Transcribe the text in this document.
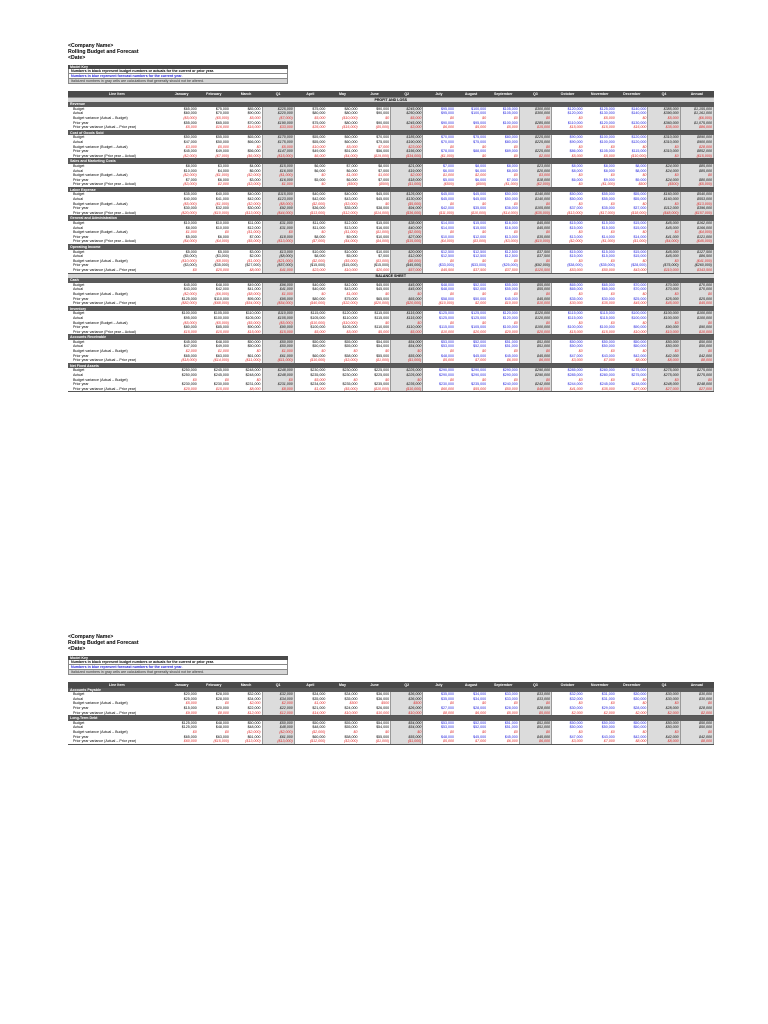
<Company Name>
Rolling Budget and Forecast
<Date>
Model Key
Numbers in black represent budget numbers or actuals for the current or prior year.
Numbers in blue represent forecast numbers for the current year.
Italicized numbers in gray cells are calculations that generally should not be altered.
Line Item	January	February	March	Q1	April	May	June	Q2	July	August	September	Q3	October	November	December	Q4	Annual
PROFIT AND LOSS																	
Revenue																	
Budget	$65,000	$75,000	$85,000	$225,000	$75,000	$80,000	$90,000	$245,000	$95,000	$100,000	$105,000	$300,000	$120,000	$125,000	$140,000	$385,000	$1,155,000
Actual	$60,000	$70,000	$90,000	$220,000	$80,000	$80,000	$90,000	$250,000	$95,000	$100,000	$105,000	$300,000	$120,000	$130,000	$140,000	$390,000	$1,161,000
Budget variance (Actual – Budget)	($5,000)	($5,000)	$5,000	($7,000)	$5,000	($10,000)	$0	$5,000	$0	$0	$0	$0	$0	$5,000	$0	$5,000	($6,000)
Prior year	$55,000	$65,000	$70,000	$190,000	$75,000	$80,000	$90,000	$245,000	$90,000	$95,000	$100,000	$285,000	$110,000	$120,000	$130,000	$360,000	$1,075,000
Prior year variance (Actual – Prior year)	$5,000	$16,000	$16,000	$33,000	$35,000	($15,000)	($5,000)	$3,000	$6,000	$5,000	$5,000	$15,000	$15,000	$15,000	$15,000	$35,000	$86,000
Cost of Goods Sold																	
Budget	$50,000	$55,000	$65,000	$170,000	$55,000	$60,000	$70,000	$185,000	$70,000	$75,000	$80,000	$225,000	$90,000	$100,000	$120,000	$310,000	$890,000
Actual	$47,000	$50,000	$66,000	$175,000	$55,000	$60,000	$75,000	$190,000	$70,000	$75,000	$80,000	$225,000	$90,000	$100,000	$120,000	$310,000	$900,000
Budget variance (Budget – Actual)	$3,000	$5,000	$0	$5,000	$10,000	$5,000	$7,000	$23,000	$0	$0	$0	$0	$0	$0	$0	$0	$28,000
Prior year	$45,000	$49,000	$56,000	$147,000	$49,000	$51,000	$56,000	$156,000	$78,000	$88,000	$89,000	$225,000	$86,000	$105,000	$115,000	$310,000	$852,000
Prior year variance (Prior year – Actual)	($2,000)	($7,000)	($6,000)	($15,000)	$6,000	($4,000)	($19,000)	($34,000)	($1,000)	$0	$0	$2,000	$5,000	$5,000	($10,000)	$0	($15,000)
Sales and Marketing Costs																	
Budget	$8,000	$3,000	$4,000	$15,000	$6,000	$7,000	$8,000	$21,000	$7,000	$8,000	$8,000	$23,000	$8,000	$8,000	$8,000	$24,000	$85,000
Actual	$10,000	$4,000	$6,000	$16,000	$6,000	$6,000	$7,000	$19,000	$6,000	$6,000	$8,000	$20,000	$8,000	$8,000	$8,000	$24,000	$85,000
Budget variance (Budget – Actual)	($2,000)	($1,000)	($2,000)	($1,000)	$0	$1,000	$1,000	$2,000	$1,000	$2,000	$0	$3,000	$0	$0	$0	$0	$0
Prior year	$7,000	$6,000	$3,000	$16,000	$5,000	$6,000	$7,000	$18,000	$5,000	$6,000	$7,000	$18,000	$6,000	$9,000	$9,000	$24,000	$80,000
Prior year variance (Prior year – Actual)	($3,000)	$2,000	($3,000)	$1,000	$0	($500)	($500)	($1,000)	($500)	($500)	($1,000)	($2,000)	$0	($1,000)	$500	($500)	($5,000)
Labor Expense																	
Budget	$35,000	$40,000	$40,000	$115,000	$40,000	$40,000	$45,000	$125,000	$45,000	$45,000	$50,000	$140,000	$50,000	$55,000	$55,000	$160,000	$540,000
Actual	$40,000	$41,000	$42,000	$123,000	$42,000	$43,000	$45,000	$130,000	$45,000	$45,000	$50,000	$140,000	$50,000	$55,000	$55,000	$160,000	$553,000
Budget variance (Budget – Actual)	($5,000)	($1,000)	($2,000)	($8,000)	($2,000)	($3,000)	$0	($5,000)	$0	$0	$0	$0	$0	$0	$0	$0	($13,000)
Prior year	$30,000	$32,000	$30,000	$92,000	$36,000	$35,000	$38,000	$94,000	$42,000	$35,000	$36,000	$105,000	$37,000	$35,000	$37,000	$112,000	$396,000
Prior year variance (Prior year – Actual)	($20,000)	($10,000)	($13,000)	($44,000)	($13,000)	($12,000)	($14,000)	($36,000)	($11,000)	($10,000)	($14,000)	($35,000)	($13,000)	($17,000)	($18,000)	($48,000)	($157,000)
General and Administration																	
Budget	$10,000	$10,000	$11,000	$31,000	$11,000	$12,000	$15,000	$38,000	$14,000	$15,000	$16,000	$45,000	$15,000	$15,000	$15,000	$45,000	$162,000
Actual	$8,000	$10,000	$12,000	$31,000	$11,000	$13,000	$16,000	$40,000	$14,000	$15,000	$16,000	$45,000	$15,000	$15,000	$15,000	$45,000	$166,000
Budget variance (Budget – Actual)	$1,000	$0	($1,000)	$0	$0	($1,000)	($1,000)	($2,000)	$0	$0	$0	$0	$0	$0	$0	$0	($4,000)
Prior year	$5,000	$6,000	$7,000	$18,000	$8,000	$9,000	$10,000	$27,000	$10,000	$12,000	$13,000	$35,000	$13,000	$14,000	$14,000	$41,000	$121,000
Prior year variance (Prior year – Actual)	($4,000)	($4,000)	($5,000)	($13,000)	($7,000)	($4,000)	($4,000)	($15,000)	($4,000)	($3,000)	($3,000)	($10,000)	($2,000)	($1,000)	($1,000)	($4,000)	($45,000)
Operating Income																	
Budget	$5,000	$5,000	$3,000	$13,000	$10,000	$10,000	$10,000	$20,000	$12,500	$12,500	$12,500	$37,500	$15,000	$15,000	$15,000	$45,000	$127,500
Actual	($5,000)	($3,000)	$2,000	($8,000)	$8,000	$5,000	$7,000	$12,000	$12,500	$12,500	$12,500	$37,500	$15,000	$15,000	$15,000	$45,000	$86,500
Budget variance (Actual – Budget)	($10,000)	($8,000)	($1,000)	($21,000)	($2,000)	($5,000)	($3,000)	($8,000)	$0	$0	$0	$0	$0	$0	$0	$0	($41,000)
Prior year	($3,000)	($35,000)	($27,000)	($57,000)	($15,000)	($15,000)	($15,000)	($45,000)	($33,000)	($33,000)	($25,000)	($92,000)	($38,000)	($35,000)	($28,000)	($75,000)	($260,000)
Prior year variance (Actual – Prior year)	$0	$25,000	$8,000	$41,000	$23,000	$10,000	$20,000	$57,000	$45,500	$37,500	$37,500	$120,500	$53,000	$50,000	$43,000	$110,000	$343,500
BALANCE SHEET																	
Cash																	
Budget	$45,000	$48,000	$49,000	$96,000	$40,000	$42,000	$45,000	$45,000	$48,000	$52,000	$55,000	$55,000	$65,000	$65,000	$70,000	$70,000	$70,000
Actual	$43,000	$42,000	$41,000	$41,000	$40,000	$43,000	$45,000	$45,000	$48,000	$52,000	$55,000	$55,000	$65,000	$65,000	$70,000	$70,000	$70,000
Budget variance (Actual – Budget)	($2,000)	($6,000)	($8,000)	$1,000	$0	$1,000	$0	$0	$0	$0	$0	$0	$0	$0	$0	$0	$0
Prior year	$125,000	$110,000	$95,000	$95,000	$80,000	$75,000	$65,000	$65,000	$58,000	$50,000	$45,000	$45,000	$35,000	$30,000	$25,000	$25,000	$25,000
Prior year variance (Actual – Prior year)	($82,000)	($68,000)	($54,000)	($54,000)	($40,000)	($32,000)	($20,000)	($20,000)	($10,000)	$2,000	$10,000	$10,000	$30,000	$35,000	$45,000	$45,000	$45,000
Inventory																	
Budget	$100,000	$105,000	$110,000	$110,000	$115,000	$120,000	$115,000	$115,000	$125,000	$125,000	$120,000	$120,000	$115,000	$115,000	$100,000	$100,000	$100,000
Actual	$95,000	$100,000	$105,000	$105,000	$105,000	$110,000	$115,000	$115,000	$125,000	$125,000	$120,000	$120,000	$115,000	$115,000	$100,000	$100,000	$100,000
Budget variance (Budget – Actual)	($5,000)	($5,000)	($5,000)	($5,000)	($10,000)	($10,000)	$0	$0	$0	$0	$0	$0	$0	$0	$0	$0	$0
Prior year	$80,000	$85,000	$90,000	$90,000	$100,000	$105,000	$110,000	$110,000	$115,000	$105,000	$100,000	$100,000	$100,000	$100,000	$90,000	$90,000	$90,000
Prior year variance (Prior year – Actual)	$15,000	$15,000	$15,000	$15,000	$5,000	$5,000	$5,000	$5,000	$10,000	$20,000	$20,000	$20,000	$15,000	$15,000	$10,000	$10,000	$10,000
Accounts Receivable																	
Budget	$45,000	$48,000	$50,000	$50,000	$50,000	$55,000	$54,000	$54,000	$53,000	$52,000	$51,000	$51,000	$50,000	$50,000	$50,000	$50,000	$50,000
Actual	$47,000	$49,000	$50,000	$50,000	$50,000	$55,000	$54,000	$54,000	$53,000	$52,000	$51,000	$51,000	$50,000	$50,000	$50,000	$50,000	$50,000
Budget variance (Actual – Budget)	$2,000	$1,000	$0	$1,000	$0	$0	$0	$0	$0	$0	$0	$0	$0	$0	$0	$0	$0
Prior year	$65,000	$63,000	$61,000	$61,000	$60,000	$58,000	$55,000	$55,000	$48,000	$45,000	$45,000	$45,000	$47,000	$43,000	$42,000	$42,000	$42,000
Prior year variance (Actual – Prior year)	($18,000)	($14,000)	($11,000)	($11,000)	($10,000)	($3,000)	($1,000)	($1,000)	$5,000	$7,000	$6,000	$6,000	$3,000	$7,000	$8,000	$8,000	$8,000
Net Fixed Assets																	
Budget	$250,000	$245,000	$248,000	$248,000	$230,000	$230,000	$225,000	$225,000	$290,000	$290,000	$290,000	$290,000	$285,000	$280,000	$275,000	$275,000	$275,000
Actual	$250,000	$245,000	$248,000	$248,000	$235,000	$230,000	$225,000	$225,000	$290,000	$290,000	$290,000	$290,000	$285,000	$280,000	$275,000	$275,000	$275,000
Budget variance (Actual – Budget)	$0	$0	$0	$0	$5,000	$0	$0	$0	$0	$0	$0	$0	$0	$0	$0	$0	$0
Prior year	$230,000	$230,000	$231,000	$231,000	$234,000	$235,000	$235,000	$235,000	$230,000	$235,000	$240,000	$242,000	$244,000	$245,000	$248,000	$248,000	$248,000
Prior year variance (Actual – Prior year)	$20,000	$15,000	$8,000	$8,000	$1,000	($5,000)	($10,000)	($10,000)	$60,000	$55,000	$50,000	$48,000	$41,000	$35,000	$27,000	$27,000	$27,000
<Company Name>
Rolling Budget and Forecast
<Date>
Model Key
Numbers in black represent budget numbers or actuals for the current or prior year.
Numbers in blue represent forecast numbers for the current year.
Italicized numbers in gray cells are calculations that generally should not be altered.
Line Item	January	February	March	Q1	April	May	June	Q2	July	August	September	Q3	October	November	December	Q4	Annual
Accounts Payable																	
Budget	$20,000	$28,000	$32,000	$32,000	$34,000	$34,000	$36,000	$36,000	$35,000	$34,000	$33,000	$33,000	$32,000	$31,000	$30,000	$30,000	$30,000
Actual	$25,000	$28,000	$34,000	$34,000	$35,000	$35,000	$36,000	$36,000	$35,000	$34,000	$33,000	$33,000	$32,000	$31,000	$30,000	$30,000	$30,000
Budget variance (Actual – Budget)	$5,000	$0	$2,000	$2,000	$1,000	$500	$500	$500	$0	$0	$0	$0	$0	$0	$0	$0	$0
Prior year	$15,000	$20,000	$22,000	$22,000	$21,000	$24,000	$26,000	$26,000	$27,000	$28,000	$28,000	$28,000	$30,000	$29,000	$28,000	$28,000	$28,000
Prior year variance (Actual – Prior year)	$9,000	$8,000	$12,000	$12,000	$14,000	$10,000	$10,000	$10,000	$8,000	$6,000	$5,000	$5,000	$2,000	$2,000	$2,000	$2,000	$2,000
Long-Term Debt																	
Budget	$125,000	$48,000	$50,000	$50,000	$50,000	$55,000	$54,000	$54,000	$53,000	$52,000	$51,000	$51,000	$50,000	$50,000	$50,000	$50,000	$50,000
Actual	$125,000	$48,000	$48,000	$48,000	$48,000	$55,000	$54,000	$54,000	$53,000	$52,000	$51,000	$51,000	$50,000	$50,000	$50,000	$50,000	$50,000
Budget variance (Actual – Budget)	$0	$0	($2,000)	($2,000)	($2,000)	$0	$0	$0	$0	$0	$0	$0	$0	$0	$0	$0	$0
Prior year	$65,000	$63,000	$61,000	$61,000	$60,000	$58,000	$55,000	$55,000	$48,000	$45,000	$45,000	$45,000	$47,000	$43,000	$42,000	$42,000	$42,000
Prior year variance (Actual – Prior year)	$60,000	($15,000)	($13,000)	($13,000)	($12,000)	($3,000)	($1,000)	($1,000)	$5,000	$7,000	$6,000	$6,000	$3,000	$7,000	$8,000	$8,000	$8,000
